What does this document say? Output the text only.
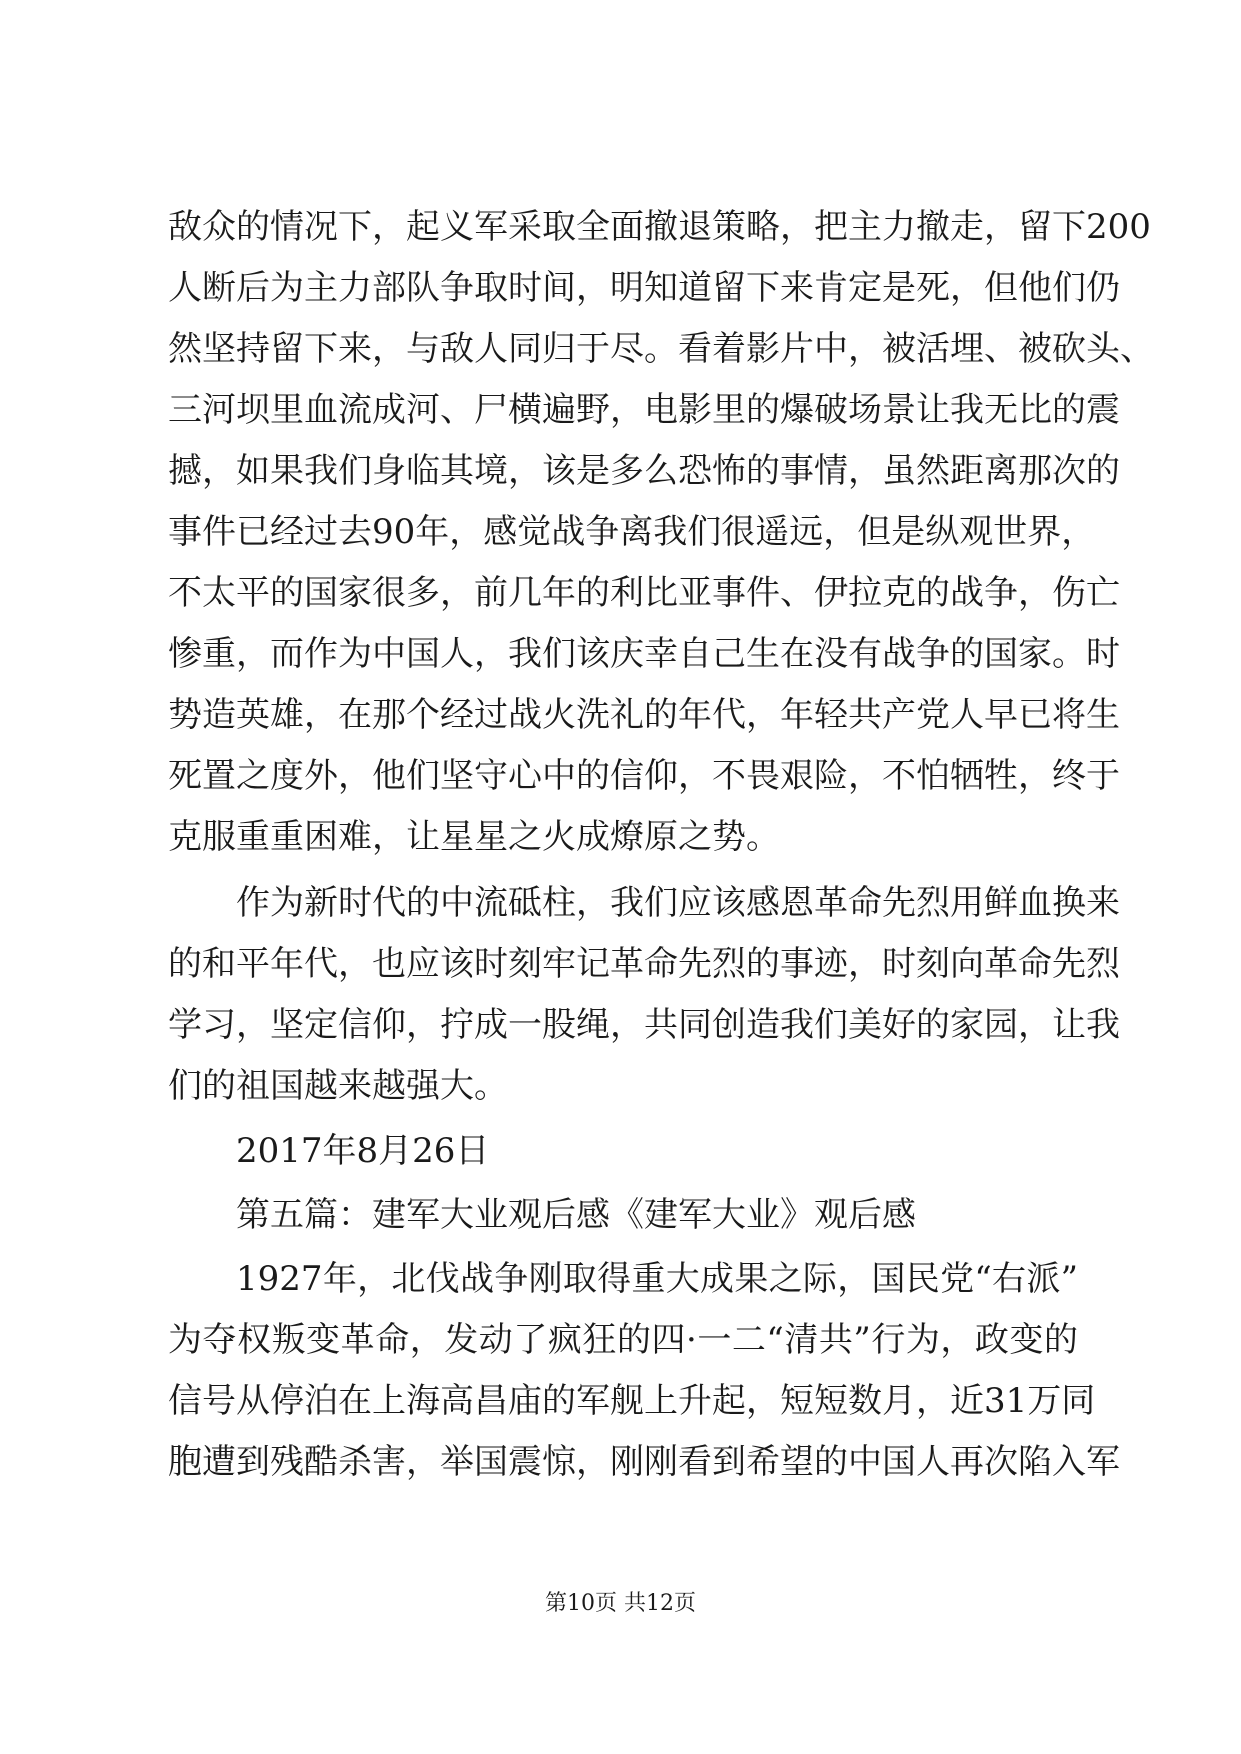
敌众的情况下，起义军采取全面撤退策略，把主力撤走，留下200
人断后为主力部队争取时间，明知道留下来肯定是死，但他们仍
然坚持留下来，与敌人同归于尽。看着影片中，被活埋、被砍头、
三河坝里血流成河、尸横遍野，电影里的爆破场景让我无比的震
撼，如果我们身临其境，该是多么恐怖的事情，虽然距离那次的
事件已经过去90年，感觉战争离我们很遥远，但是纵观世界，
不太平的国家很多，前几年的利比亚事件、伊拉克的战争，伤亡
惨重，而作为中国人，我们该庆幸自己生在没有战争的国家。时
势造英雄，在那个经过战火洗礼的年代，年轻共产党人早已将生
死置之度外，他们坚守心中的信仰，不畏艰险，不怕牺牲，终于
克服重重困难，让星星之火成燎原之势。
作为新时代的中流砥柱，我们应该感恩革命先烈用鲜血换来
的和平年代，也应该时刻牢记革命先烈的事迹，时刻向革命先烈
学习，坚定信仰，拧成一股绳，共同创造我们美好的家园，让我
们的祖国越来越强大。
2017年8月26日
第五篇：建军大业观后感《建军大业》观后感
1927年，北伐战争刚取得重大成果之际，国民党“右派”
为夺权叛变革命，发动了疯狂的四·一二“清共”行为，政变的
信号从停泊在上海高昌庙的军舰上升起，短短数月，近31万同
胞遭到残酷杀害，举国震惊，刚刚看到希望的中国人再次陷入军
第10页 共12页
